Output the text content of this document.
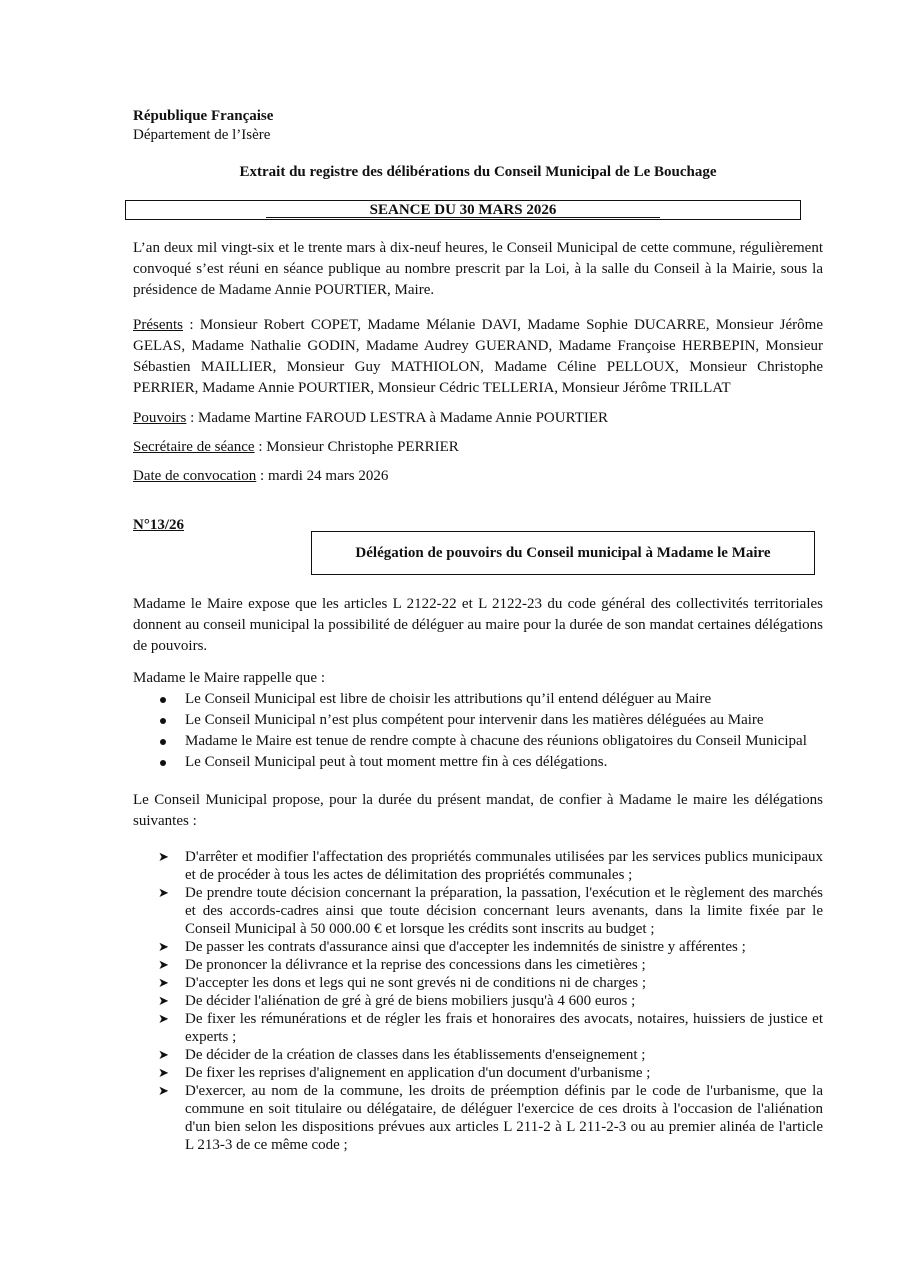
République Française
Département de l’Isère
Extrait du registre des délibérations du Conseil Municipal de Le Bouchage
SEANCE DU 30 MARS 2026
L’an deux mil vingt-six et le trente mars à dix-neuf heures, le Conseil Municipal de cette commune, régulièrement convoqué s’est réuni en séance publique au nombre prescrit par la Loi, à la salle du Conseil à la Mairie, sous la présidence de Madame Annie POURTIER, Maire.
Présents : Monsieur Robert COPET, Madame Mélanie DAVI, Madame Sophie DUCARRE, Monsieur Jérôme GELAS, Madame Nathalie GODIN, Madame Audrey GUERAND, Madame Françoise HERBEPIN, Monsieur Sébastien MAILLIER, Monsieur Guy MATHIOLON, Madame Céline PELLOUX, Monsieur Christophe PERRIER, Madame Annie POURTIER, Monsieur Cédric TELLERIA, Monsieur Jérôme TRILLAT
Pouvoirs : Madame Martine FAROUD LESTRA à Madame Annie POURTIER
Secrétaire de séance : Monsieur Christophe PERRIER
Date de convocation : mardi 24 mars 2026
N°13/26
Délégation de pouvoirs du Conseil municipal à Madame le Maire
Madame le Maire expose que les articles L 2122-22 et L 2122-23 du code général des collectivités territoriales donnent au conseil municipal la possibilité de déléguer au maire pour la durée de son mandat certaines délégations de pouvoirs.
Madame le Maire rappelle que :
Le Conseil Municipal est libre de choisir les attributions qu’il entend déléguer au Maire
Le Conseil Municipal n’est plus compétent pour intervenir dans les matières déléguées au Maire
Madame le Maire est tenue de rendre compte à chacune des réunions obligatoires du Conseil Municipal
Le Conseil Municipal peut à tout moment mettre fin à ces délégations.
Le Conseil Municipal propose, pour la durée du présent mandat, de confier à Madame le maire les délégations suivantes :
➤ D'arrêter et modifier l'affectation des propriétés communales utilisées par les services publics municipaux et de procéder à tous les actes de délimitation des propriétés communales ;
➤ De prendre toute décision concernant la préparation, la passation, l'exécution et le règlement des marchés et des accords-cadres ainsi que toute décision concernant leurs avenants, dans la limite fixée par le Conseil Municipal à 50 000.00 € et lorsque les crédits sont inscrits au budget ;
➤ De passer les contrats d'assurance ainsi que d'accepter les indemnités de sinistre y afférentes ;
➤ De prononcer la délivrance et la reprise des concessions dans les cimetières ;
➤ D'accepter les dons et legs qui ne sont grevés ni de conditions ni de charges ;
➤ De décider l'aliénation de gré à gré de biens mobiliers jusqu'à 4 600 euros ;
➤ De fixer les rémunérations et de régler les frais et honoraires des avocats, notaires, huissiers de justice et experts ;
➤ De décider de la création de classes dans les établissements d'enseignement ;
➤ De fixer les reprises d'alignement en application d'un document d'urbanisme ;
➤ D'exercer, au nom de la commune, les droits de préemption définis par le code de l'urbanisme, que la commune en soit titulaire ou délégataire, de déléguer l'exercice de ces droits à l'occasion de l'aliénation d'un bien selon les dispositions prévues aux articles L 211-2 à L 211-2-3 ou au premier alinéa de l'article L 213-3 de ce même code ;
